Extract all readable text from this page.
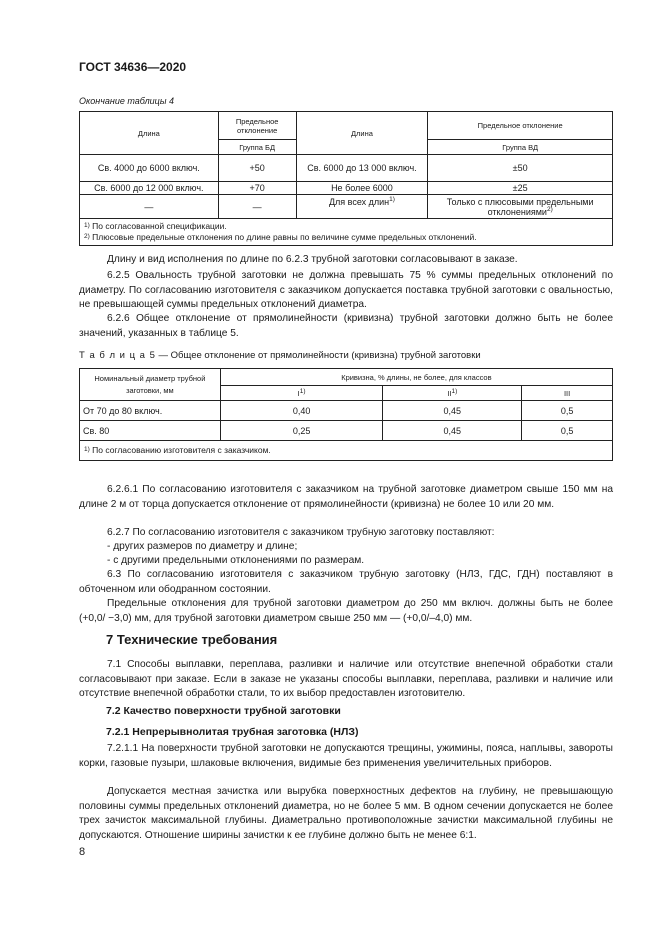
ГОСТ 34636—2020
Окончание таблицы 4
Длина	Предельное отклонение	Длина	Предельное отклонение
	Группа БД		Группа ВД
Св. 4000 до 6000 включ.	+50	Св. 6000 до 13 000 включ.	±50
Св. 6000 до 12 000 включ.	+70	Не более 6000	±25
—	—	Для всех длин$^{1)}$	Только с плюсовыми предельными отклонениями$^{2)}$

$^{1)}$ По согласованной спецификации.
$^{2)}$ Плюсовые предельные отклонения по длине равны по величине сумме предельных отклонений.			
Длину и вид исполнения по длине по 6.2.3 трубной заготовки согласовывают в заказе.
6.2.5 Овальность трубной заготовки не должна превышать 75 % суммы предельных отклонений по диаметру. По согласованию изготовителя с заказчиком допускается поставка трубной заготовки с овальностью, не превышающей суммы предельных отклонений диаметра.
6.2.6 Общее отклонение от прямолинейности (кривизна) трубной заготовки должно быть не более значений, указанных в таблице 5.
Т а б л и ц а 5 — Общее отклонение от прямолинейности (кривизна) трубной заготовки
Номинальный диаметр трубной заготовки, мм	Кривизна, % длины, не более, для классов		
	$I^{1)}$	II$^{1)}$	III
От 70 до 80 включ.	0,40	0,45	0,5
Св. 80	0,25	0,45	0,5
$^{1)}$ По согласованию изготовителя с заказчиком.			
6.2.6.1 По согласованию изготовителя с заказчиком на трубной заготовке диаметром свыше 150 мм на длине 2 м от торца допускается отклонение от прямолинейности (кривизна) не более 10 или 20 мм.
6.2.7 По согласованию изготовителя с заказчиком трубную заготовку поставляют:
- других размеров по диаметру и длине;
- с другими предельными отклонениями по размерам.
6.3 По согласованию изготовителя с заказчиком трубную заготовку (НЛЗ, ГДС, ГДН) поставляют в обточенном или ободранном состоянии.
Предельные отклонения для трубной заготовки диаметром до 250 мм включ. должны быть не более (+0,0/ −3,0) мм, для трубной заготовки диаметром свыше 250 мм — (+0,0/–4,0) мм.
7 Технические требования
7.1 Способы выплавки, переплава, разливки и наличие или отсутствие внепечной обработки стали согласовывают при заказе. Если в заказе не указаны способы выплавки, переплава, разливки и наличие или отсутствие внепечной обработки стали, то их выбор предоставлен изготовителю.
7.2 Качество поверхности трубной заготовки
7.2.1 Непрерывнолитая трубная заготовка (НЛЗ)
7.2.1.1 На поверхности трубной заготовки не допускаются трещины, ужимины, пояса, наплывы, завороты корки, газовые пузыри, шлаковые включения, видимые без применения увеличительных приборов.
Допускается местная зачистка или вырубка поверхностных дефектов на глубину, не превышающую половины суммы предельных отклонений диаметра, но не более 5 мм. В одном сечении допускается не более трех зачисток максимальной глубины. Диаметрально противоположные зачистки максимальной глубины не допускаются. Отношение ширины зачистки к ее глубине должно быть не менее 6:1.
8
